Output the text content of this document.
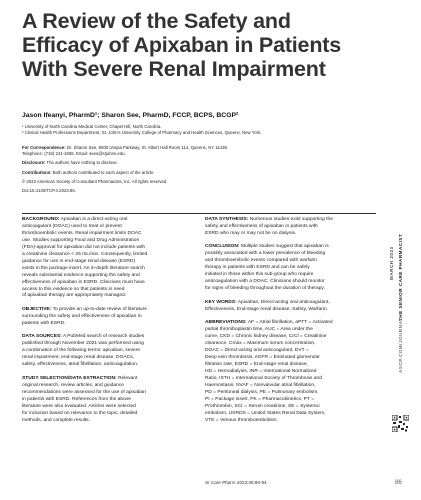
A Review of the Safety and
Efficacy of Apixaban in Patients
With Severe Renal Impairment
Jason Ifeanyi, PharmD¹; Sharon See, PharmD, FCCP, BCPS, BCGP²
¹ University of North Carolina Medical Center, Chapel Hill, North Carolina.
² Clinical Health Professions Department, St. John's University College of Pharmacy and Health Sciences, Queens, New York.

For Correspondence: Dr. Sharon See, 8000 Utopia Parkway, St. Albert Hall Room 114, Queens, NY 11439.
Telephone: (718) 241-1865. Email: sees@stjohns.edu.

Disclosure: The authors have nothing to disclose.

Contributions: Both authors contributed to each aspect of the article.

© 2023 American Society of Consultant Pharmacists, Inc. All rights reserved.

Doi:10.4140/TCP.n.2023.86.

BACKGROUND: Apixaban is a direct-acting oral
anticoagulant (DOAC) used to treat or prevent
thromboembolic events. Renal impairment limits DOAC
use. Studies supporting Food and Drug Administration
(FDA)-approval for apixaban did not include patients with
a creatinine clearance < 25 mL/min. Consequently, limited
guidance for use in end-stage renal disease (ESRD)
exists in the package insert. An in-depth literature search
reveals substantial evidence supporting the safety and
effectiveness of apixaban in ESRD. Clinicians must have
access to this evidence so that patients in need
of apixaban therapy are appropriately managed.

OBJECTIVE: To provide an up-to-date review of literature
surrounding the safety and effectiveness of apixaban in
patients with ESRD.

DATA SOURCES: A PubMed search of research studies
published through November 2021 was performed using
a combination of the following terms: apixaban, severe
renal impairment, end-stage renal disease, DOACs,
safety, effectiveness, atrial fibrillation, anticoagulation.

STUDY SELECTION/DATA EXTRACTION: Relevant
original research, review articles, and guidance
recommendations were assessed for the use of apixaban
in patients with ESRD. References from the above
literature were also evaluated. Articles were selected
for inclusion based on relevance to the topic, detailed
methods, and complete results.

DATA SYNTHESIS: Numerous studies exist supporting the
safety and effectiveness of apixaban in patients with
ESRD who may or may not be on dialysis.

CONCLUSION: Multiple studies suggest that apixaban is
possibly associated with a lower prevalence of bleeding
and thromboembolic events compared with warfarin
therapy in patients with ESRD and can be safely
initiated in those within this sub-group who require
anticoagulation with a DOAC. Clinicians should monitor
for signs of bleeding throughout the duration of therapy.

KEY WORDS: Apixaban, Direct-acting oral anticoagulant,
Effectiveness, End-stage renal disease, Safety, Warfarin.

ABBREVIATIONS: AF = Atrial fibrillation, aPTT = Activated
partial thromboplastin time, AUC = Area under the
curve, CKD = Chronic kidney disease, CrCl = Creatinine
clearance, Cmax = Maximum serum concentration,
DOAC = Direct-acting oral anticoagulant, DVT =
Deep vein thrombosis, eGFR = Estimated glomerular
filtration rate, ESRD = End-stage renal disease,
HD = Hemodialysis, INR = International Normalized
Ratio, ISTH = International Society of Thrombosis and
Haemostasis, NVAF = Nonvalvular atrial fibrillation,
PD = Peritoneal dialysis, PE = Pulmonary embolism,
PI = Package insert, PK = Pharmacokinetics, PT =
Prothrombin, SCr = Serum creatinine, SE = Systemic
embolism, USRDS = United States Renal Data System,
VTE = Venous thromboembolism.

Sr Care Pharm 2023;38:86-94.
MARCH 2023 THE SENIOR CARE PHARMACIST
ASCP.COM/JOURNAL
86
